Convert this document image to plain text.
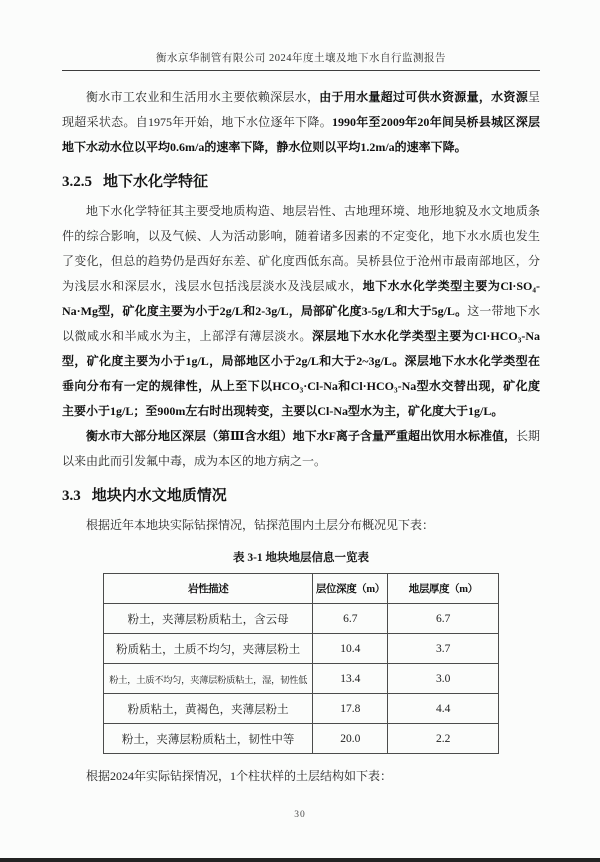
衡水京华制管有限公司 2024年度土壤及地下水自行监测报告

衡水市工农业和生活用水主要依赖深层水，由于用水量超过可供水资源量，水资源呈现超采状态。自1975年开始，地下水位逐年下降。1990年至2009年20年间吴桥县城区深层地下水动水位以平均0.6m/a的速率下降，静水位则以平均1.2m/a的速率下降。

3.2.5 地下水化学特征

地下水化学特征其主要受地质构造、地层岩性、古地理环境、地形地貌及水文地质条件的综合影响，以及气候、人为活动影响，随着诸多因素的不定变化，地下水水质也发生了变化，但总的趋势仍是西好东差、矿化度西低东高。吴桥县位于沧州市最南部地区，分为浅层水和深层水，浅层水包括浅层淡水及浅层咸水，地下水水化学类型主要为Cl·SO₄-Na·Mg型，矿化度主要为小于2g/L和2-3g/L，局部矿化度3-5g/L和大于5g/L。这一带地下水以微咸水和半咸水为主，上部浮有薄层淡水。深层地下水水化学类型主要为Cl·HCO₃-Na型，矿化度主要为小于1g/L，局部地区小于2g/L和大于2~3g/L。深层地下水水化学类型在垂向分布有一定的规律性，从上至下以HCO₃·Cl-Na和Cl·HCO₃-Na型水交替出现，矿化度主要小于1g/L；至900m左右时出现转变，主要以Cl-Na型水为主，矿化度大于1g/L。

衡水市大部分地区深层（第Ⅲ含水组）地下水F离子含量严重超出饮用水标准值，长期以来由此而引发氟中毒，成为本区的地方病之一。

3.3 地块内水文地质情况

根据近年本地块实际钻探情况，钻探范围内土层分布概况见下表：

表 3-1 地块地层信息一览表
岩性描述	层位深度（m）	地层厚度（m）
粉土，夹薄层粉质粘土，含云母	6.7	6.7
粉质粘土，土质不均匀，夹薄层粉土	10.4	3.7
粉土，土质不均匀，夹薄层粉质粘土，湿，韧性低	13.4	3.0
粉质粘土，黄褐色，夹薄层粉土	17.8	4.4
粉土，夹薄层粉质粘土，韧性中等	20.0	2.2

根据2024年实际钻探情况，1个柱状样的土层结构如下表：

30
